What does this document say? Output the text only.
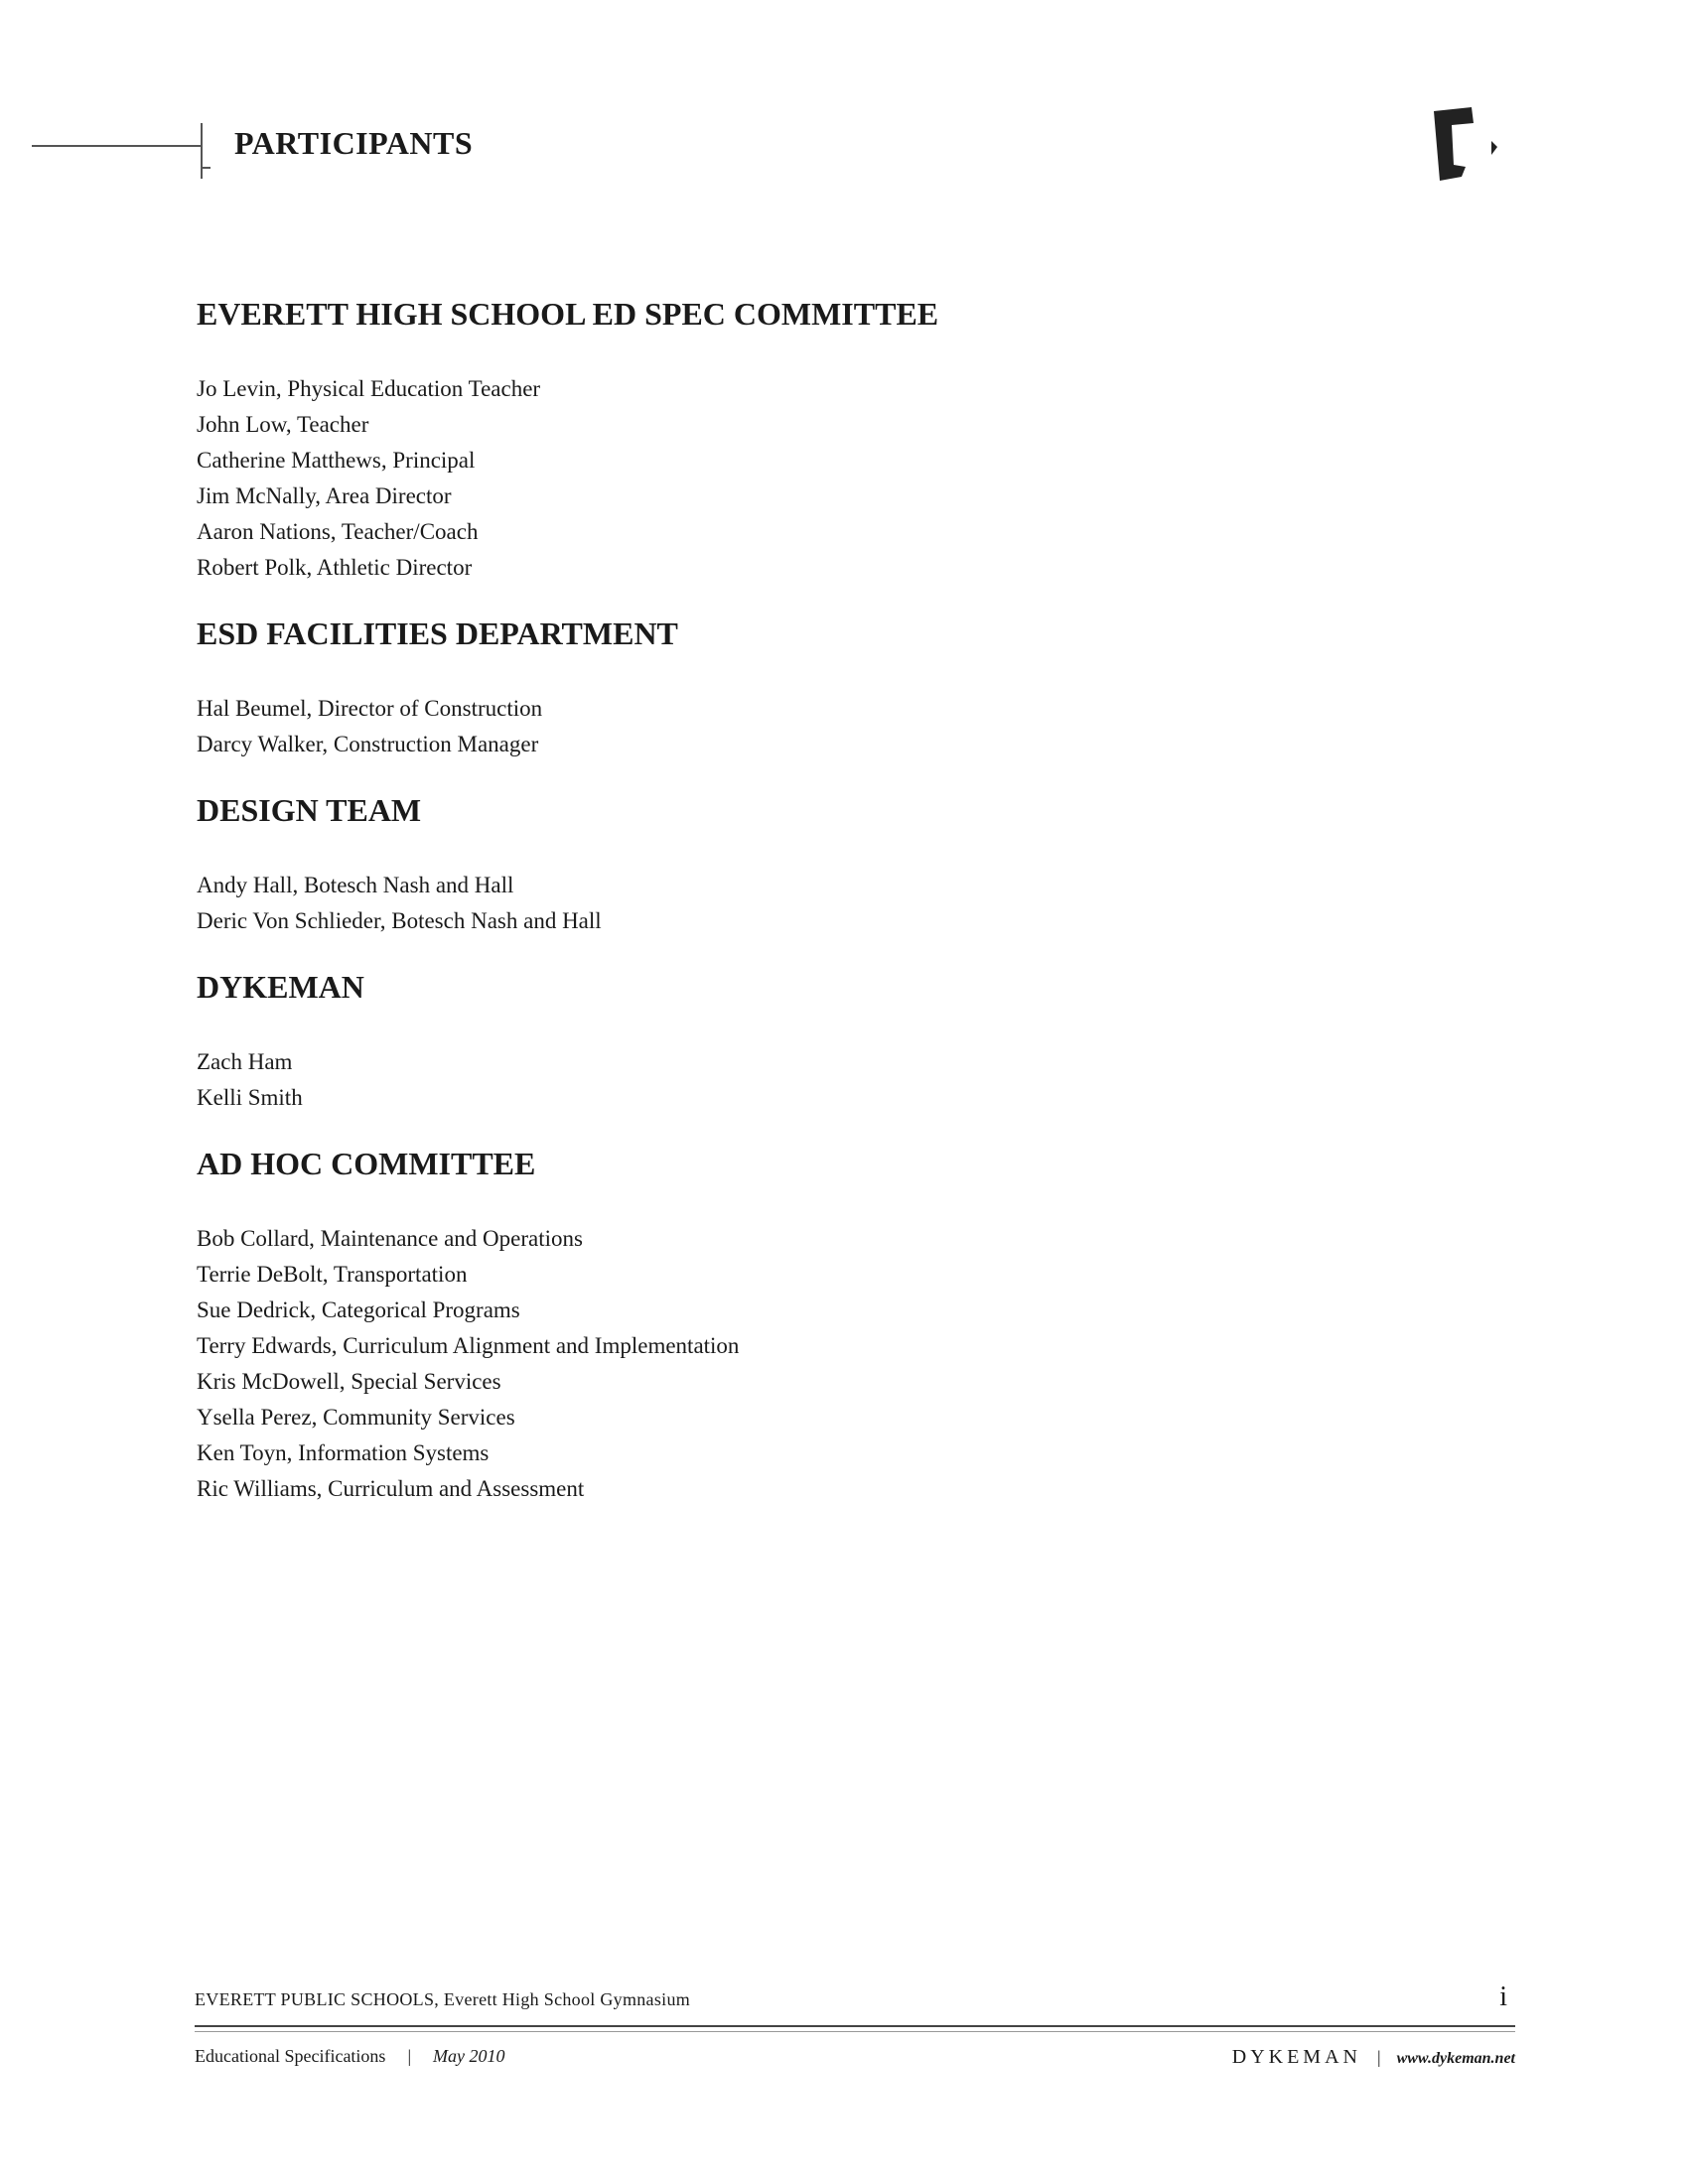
PARTICIPANTS
EVERETT HIGH SCHOOL ED SPEC COMMITTEE

Jo Levin, Physical Education Teacher

John Low, Teacher

Catherine Matthews, Principal

Jim McNally, Area Director

Aaron Nations, Teacher/Coach

Robert Polk, Athletic Director

ESD FACILITIES DEPARTMENT

Hal Beumel, Director of Construction

Darcy Walker, Construction Manager

DESIGN TEAM

Andy Hall, Botesch Nash and Hall

Deric Von Schlieder, Botesch Nash and Hall

DYKEMAN

Zach Ham

Kelli Smith

AD HOC COMMITTEE

Bob Collard, Maintenance and Operations

Terrie DeBolt, Transportation

Sue Dedrick, Categorical Programs

Terry Edwards, Curriculum Alignment and Implementation

Kris McDowell, Special Services

Ysella Perez, Community Services

Ken Toyn, Information Systems

Ric Williams, Curriculum and Assessment

EVERETT PUBLIC SCHOOLS, Everett High School Gymnasium	i
Educational Specifications | May 2010	DYKEMAN | www.dykeman.net
